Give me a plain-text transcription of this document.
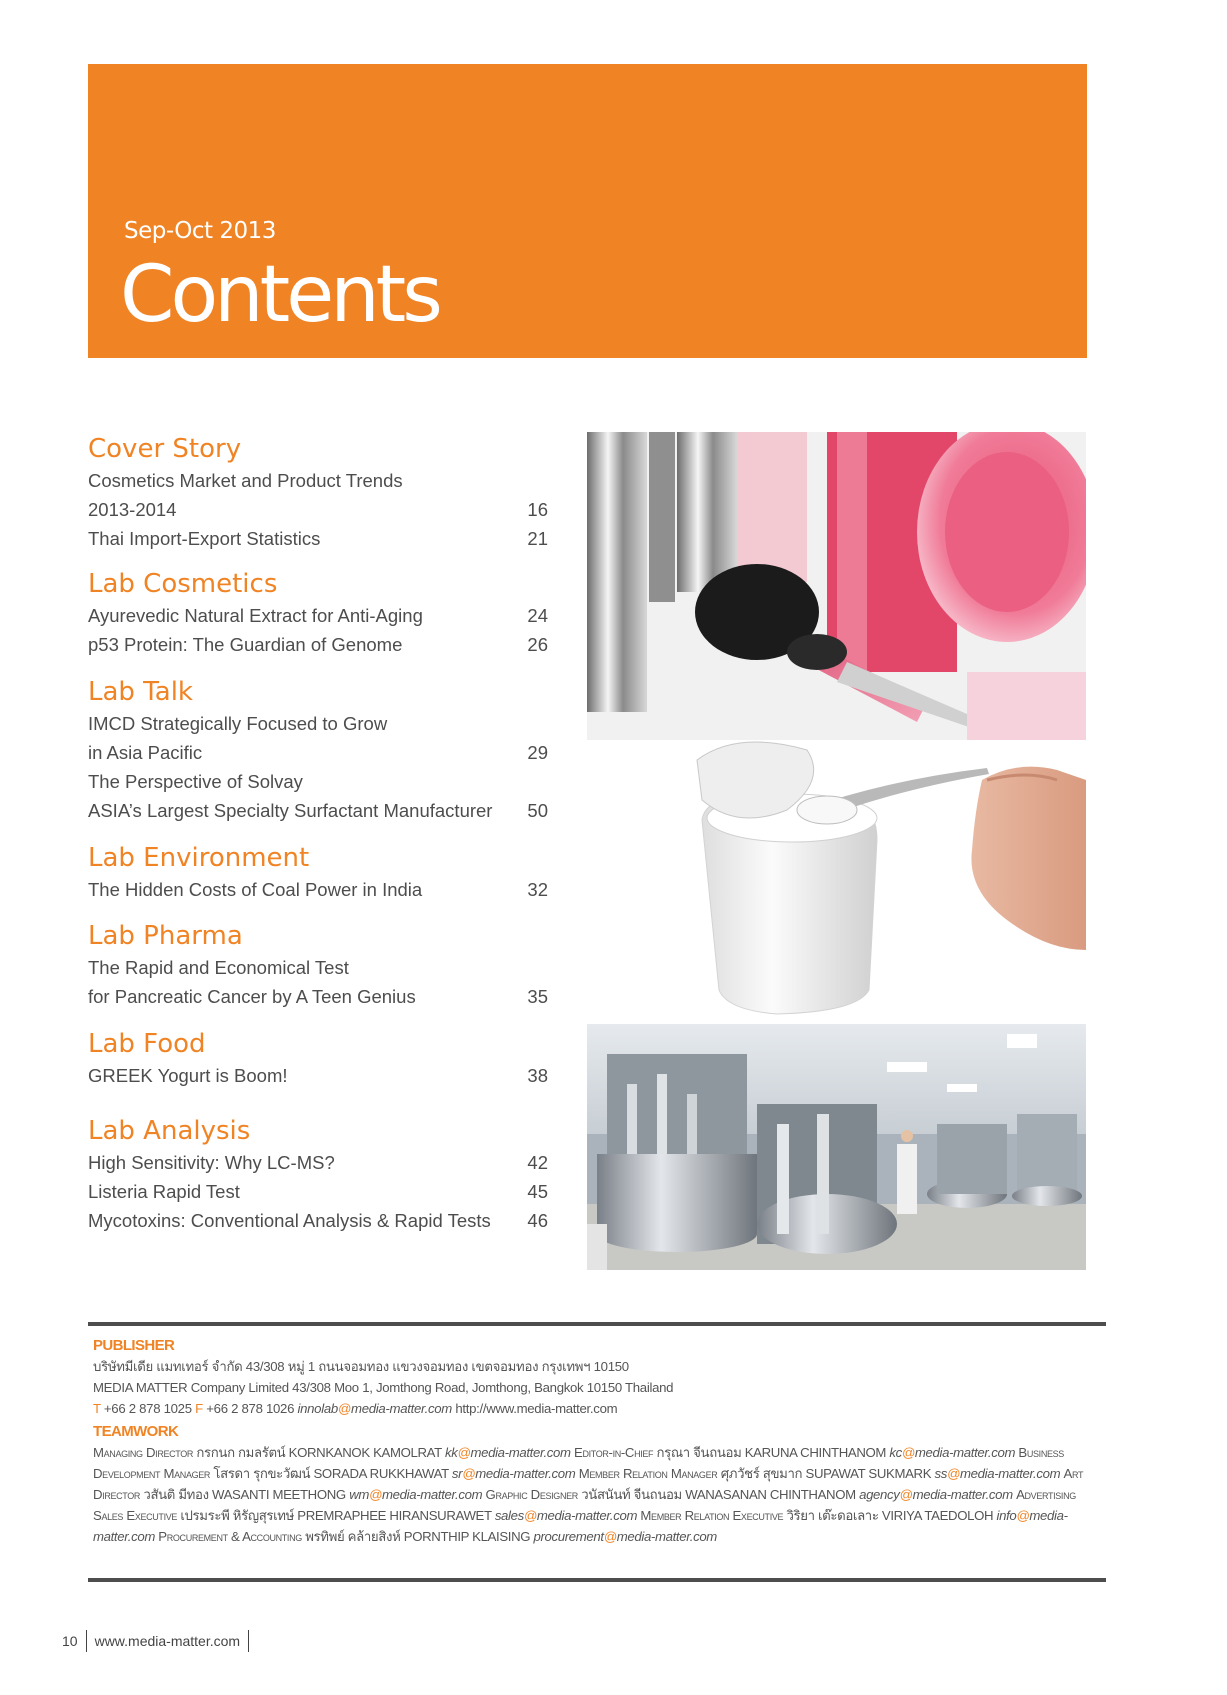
Sep-Oct 2013
Contents
Cover Story
Cosmetics Market and Product Trends
2013-2014	16
Thai Import-Export Statistics	21
Lab Cosmetics
Ayurevedic Natural Extract for Anti-Aging	24
p53 Protein: The Guardian of Genome	26
Lab Talk
IMCD Strategically Focused to Grow
in Asia Pacific	29
The Perspective of Solvay
ASIA’s Largest Specialty Surfactant Manufacturer	50
Lab Environment
The Hidden Costs of Coal Power in India	32
Lab Pharma
The Rapid and Economical Test
for Pancreatic Cancer by A Teen Genius	35
Lab Food
GREEK Yogurt is Boom!	38
Lab Analysis
High Sensitivity: Why LC-MS?	42
Listeria Rapid Test	45
Mycotoxins: Conventional Analysis & Rapid Tests	46
PUBLISHER
บริษัทมีเดีย แมทเทอร์ จำกัด 43/308 หมู่ 1 ถนนจอมทอง แขวงจอมทอง เขตจอมทอง กรุงเทพฯ 10150
MEDIA MATTER Company Limited 43/308 Moo 1, Jomthong Road, Jomthong, Bangkok 10150 Thailand
T +66 2 878 1025 F +66 2 878 1026 innolab@media-matter.com http://www.media-matter.com
TEAMWORK
Managing Director กรกนก กมลรัตน์ KORNKANOK KAMOLRAT kk@media-matter.com Editor-in-Chief กรุณา จีนถนอม KARUNA CHINTHANOM kc@media-matter.com Business Development Manager โสรดา รุกขะวัฒน์ SORADA RUKKHAWAT sr@media-matter.com Member Relation Manager ศุภวัชร์ สุขมาก SUPAWAT SUKMARK ss@media-matter.com Art Director วสันติ มีทอง WASANTI MEETHONG wm@media-matter.com Graphic Designer วนัสนันท์ จีนถนอม WANASANAN CHINTHANOM agency@media-matter.com Advertising Sales Executive เปรมระพี หิรัญสุรเทษ์ PREMRAPHEE HIRANSURAWET sales@media-matter.com Member Relation Executive วิริยา เต๊ะดอเลาะ VIRIYA TAEDOLOH info@media-matter.com Procurement & Accounting พรทิพย์ คล้ายสิงห์ PORNTHIP KLAISING procurement@media-matter.com
10	www.media-matter.com
